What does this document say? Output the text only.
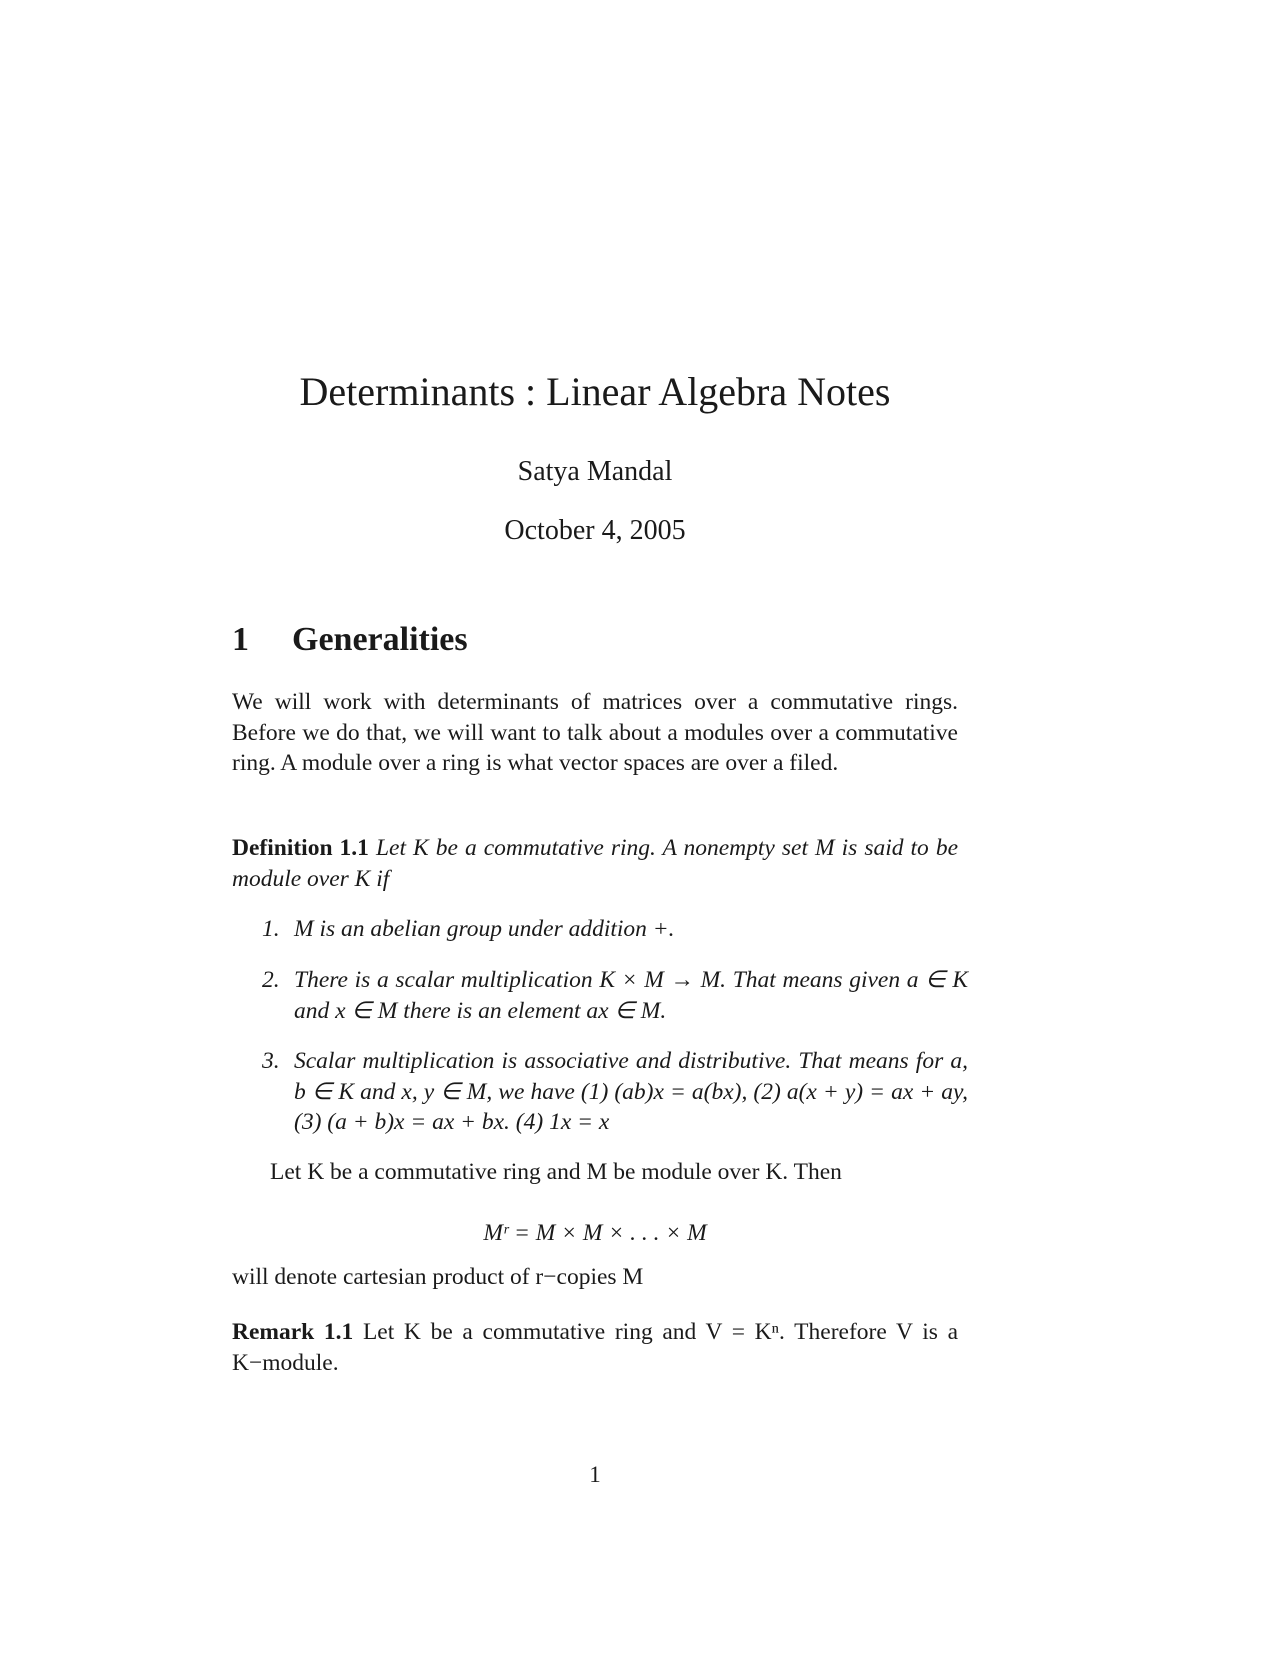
Determinants : Linear Algebra Notes
Satya Mandal
October 4, 2005
1 Generalities

We will work with determinants of matrices over a commutative rings. Before we do that, we will want to talk about a modules over a commutative ring. A module over a ring is what vector spaces are over a filed.

Definition 1.1 Let K be a commutative ring. A nonempty set M is said to be module over K if

1. M is an abelian group under addition +.
2. There is a scalar multiplication K × M → M. That means given a ∈ K and x ∈ M there is an element ax ∈ M.
3. Scalar multiplication is associative and distributive. That means for a, b ∈ K and x, y ∈ M, we have (1) (ab)x = a(bx), (2) a(x + y) = ax + ay, (3) (a + b)x = ax + bx. (4) 1x = x

Let K be a commutative ring and M be module over K. Then

Mʳ = M × M × . . . × M

will denote cartesian product of r−copies M

Remark 1.1 Let K be a commutative ring and V = Kⁿ. Therefore V is a K−module.

1
